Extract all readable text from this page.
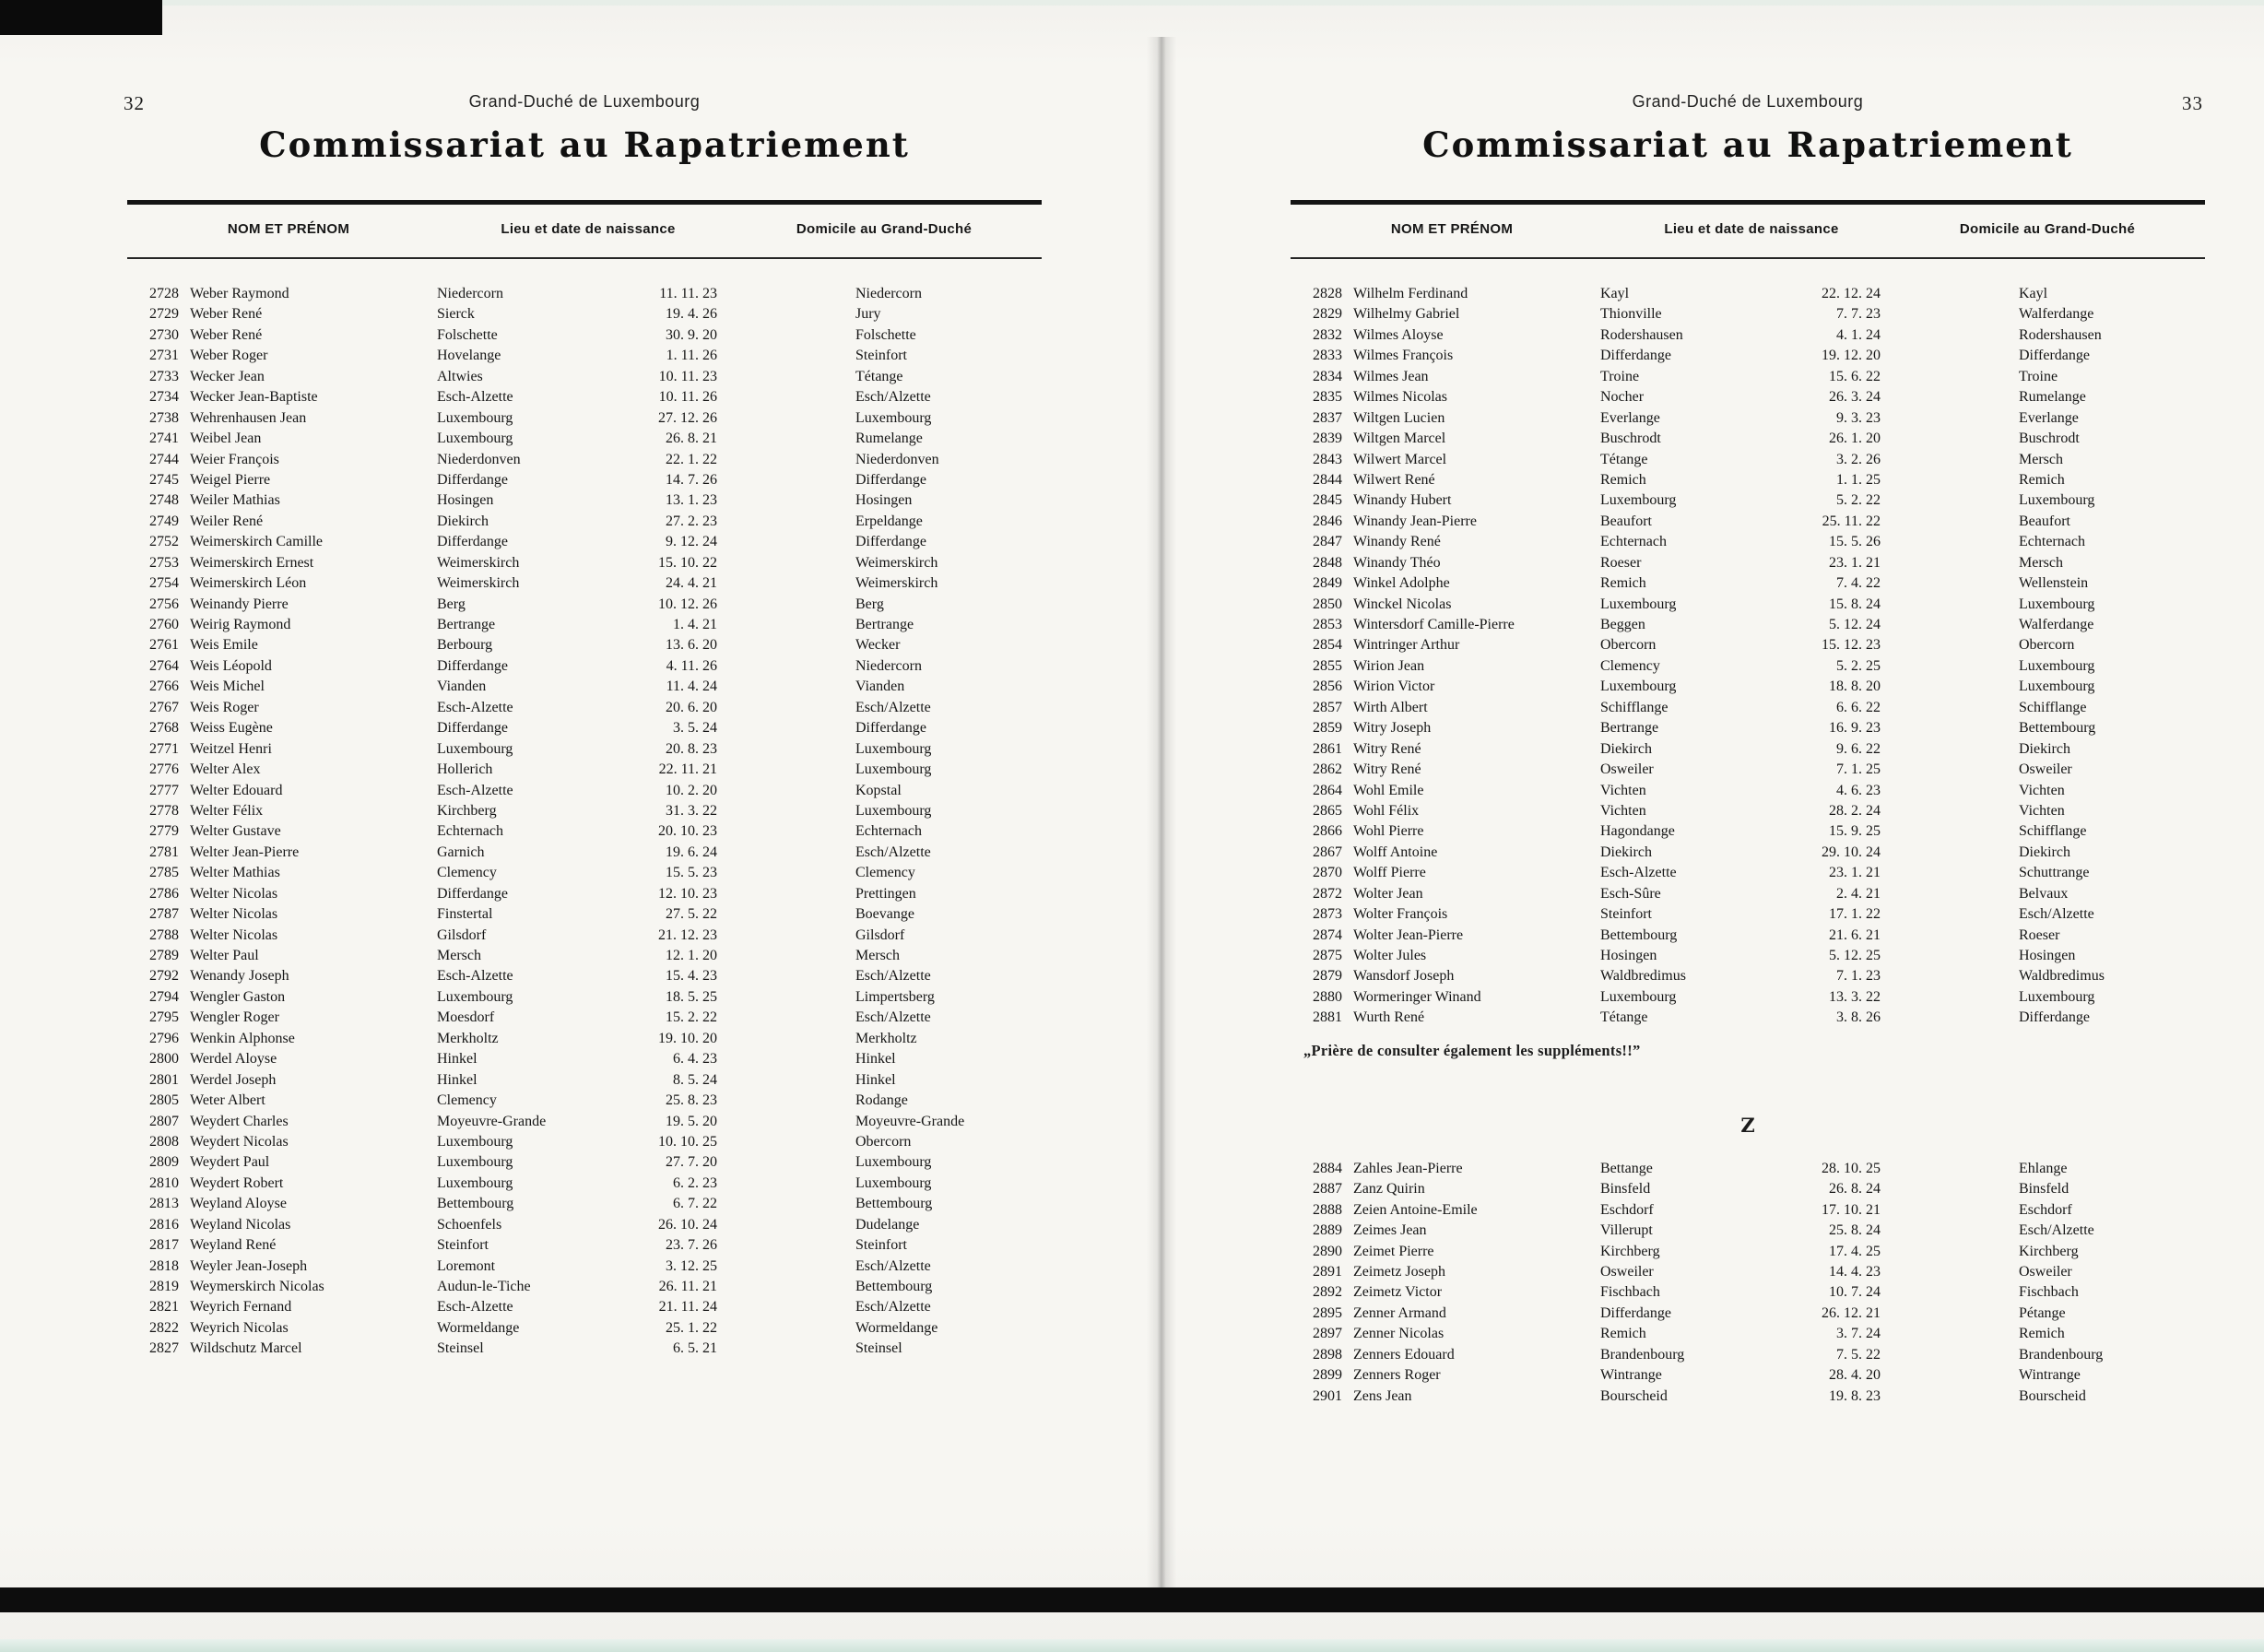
32	Grand-Duché de Luxembourg
Commissariat au Rapatriement
NOM ET PRÉNOM	Lieu et date de naissance	Domicile au Grand-Duché
2728 Weber Raymond	Niedercorn	11. 11. 23	Niedercorn
2729 Weber René	Sierck	19. 4. 26	Jury
2730 Weber René	Folschette	30. 9. 20	Folschette
2731 Weber Roger	Hovelange	1. 11. 26	Steinfort
2733 Wecker Jean	Altwies	10. 11. 23	Tétange
2734 Wecker Jean-Baptiste	Esch-Alzette	10. 11. 26	Esch/Alzette
2738 Wehrenhausen Jean	Luxembourg	27. 12. 26	Luxembourg
2741 Weibel Jean	Luxembourg	26. 8. 21	Rumelange
2744 Weier François	Niederdonven	22. 1. 22	Niederdonven
2745 Weigel Pierre	Differdange	14. 7. 26	Differdange
2748 Weiler Mathias	Hosingen	13. 1. 23	Hosingen
2749 Weiler René	Diekirch	27. 2. 23	Erpeldange
2752 Weimerskirch Camille	Differdange	9. 12. 24	Differdange
2753 Weimerskirch Ernest	Weimerskirch	15. 10. 22	Weimerskirch
2754 Weimerskirch Léon	Weimerskirch	24. 4. 21	Weimerskirch
2756 Weinandy Pierre	Berg	10. 12. 26	Berg
2760 Weirig Raymond	Bertrange	1. 4. 21	Bertrange
2761 Weis Emile	Berbourg	13. 6. 20	Wecker
2764 Weis Léopold	Differdange	4. 11. 26	Niedercorn
2766 Weis Michel	Vianden	11. 4. 24	Vianden
2767 Weis Roger	Esch-Alzette	20. 6. 20	Esch/Alzette
2768 Weiss Eugène	Differdange	3. 5. 24	Differdange
2771 Weitzel Henri	Luxembourg	20. 8. 23	Luxembourg
2776 Welter Alex	Hollerich	22. 11. 21	Luxembourg
2777 Welter Edouard	Esch-Alzette	10. 2. 20	Kopstal
2778 Welter Félix	Kirchberg	31. 3. 22	Luxembourg
2779 Welter Gustave	Echternach	20. 10. 23	Echternach
2781 Welter Jean-Pierre	Garnich	19. 6. 24	Esch/Alzette
2785 Welter Mathias	Clemency	15. 5. 23	Clemency
2786 Welter Nicolas	Differdange	12. 10. 23	Prettingen
2787 Welter Nicolas	Finstertal	27. 5. 22	Boevange
2788 Welter Nicolas	Gilsdorf	21. 12. 23	Gilsdorf
2789 Welter Paul	Mersch	12. 1. 20	Mersch
2792 Wenandy Joseph	Esch-Alzette	15. 4. 23	Esch/Alzette
2794 Wengler Gaston	Luxembourg	18. 5. 25	Limpertsberg
2795 Wengler Roger	Moesdorf	15. 2. 22	Esch/Alzette
2796 Wenkin Alphonse	Merkholtz	19. 10. 20	Merkholtz
2800 Werdel Aloyse	Hinkel	6. 4. 23	Hinkel
2801 Werdel Joseph	Hinkel	8. 5. 24	Hinkel
2805 Weter Albert	Clemency	25. 8. 23	Rodange
2807 Weydert Charles	Moyeuvre-Grande	19. 5. 20	Moyeuvre-Grande
2808 Weydert Nicolas	Luxembourg	10. 10. 25	Obercorn
2809 Weydert Paul	Luxembourg	27. 7. 20	Luxembourg
2810 Weydert Robert	Luxembourg	6. 2. 23	Luxembourg
2813 Weyland Aloyse	Bettembourg	6. 7. 22	Bettembourg
2816 Weyland Nicolas	Schoenfels	26. 10. 24	Dudelange
2817 Weyland René	Steinfort	23. 7. 26	Steinfort
2818 Weyler Jean-Joseph	Loremont	3. 12. 25	Esch/Alzette
2819 Weymerskirch Nicolas	Audun-le-Tiche	26. 11. 21	Bettembourg
2821 Weyrich Fernand	Esch-Alzette	21. 11. 24	Esch/Alzette
2822 Weyrich Nicolas	Wormeldange	25. 1. 22	Wormeldange
2827 Wildschutz Marcel	Steinsel	6. 5. 21	Steinsel
33
Grand-Duché de Luxembourg
Commissariat au Rapatriement
NOM ET PRÉNOM	Lieu et date de naissance	Domicile au Grand-Duché
2828 Wilhelm Ferdinand	Kayl	22. 12. 24	Kayl
2829 Wilhelmy Gabriel	Thionville	7. 7. 23	Walferdange
2832 Wilmes Aloyse	Rodershausen	4. 1. 24	Rodershausen
2833 Wilmes François	Differdange	19. 12. 20	Differdange
2834 Wilmes Jean	Troine	15. 6. 22	Troine
2835 Wilmes Nicolas	Nocher	26. 3. 24	Rumelange
2837 Wiltgen Lucien	Everlange	9. 3. 23	Everlange
2839 Wiltgen Marcel	Buschrodt	26. 1. 20	Buschrodt
2843 Wilwert Marcel	Tétange	3. 2. 26	Mersch
2844 Wilwert René	Remich	1. 1. 25	Remich
2845 Winandy Hubert	Luxembourg	5. 2. 22	Luxembourg
2846 Winandy Jean-Pierre	Beaufort	25. 11. 22	Beaufort
2847 Winandy René	Echternach	15. 5. 26	Echternach
2848 Winandy Théo	Roeser	23. 1. 21	Mersch
2849 Winkel Adolphe	Remich	7. 4. 22	Wellenstein
2850 Winckel Nicolas	Luxembourg	15. 8. 24	Luxembourg
2853 Wintersdorf Camille-Pierre	Beggen	5. 12. 24	Walferdange
2854 Wintringer Arthur	Obercorn	15. 12. 23	Obercorn
2855 Wirion Jean	Clemency	5. 2. 25	Luxembourg
2856 Wirion Victor	Luxembourg	18. 8. 20	Luxembourg
2857 Wirth Albert	Schifflange	6. 6. 22	Schifflange
2859 Witry Joseph	Bertrange	16. 9. 23	Bettembourg
2861 Witry René	Diekirch	9. 6. 22	Diekirch
2862 Witry René	Osweiler	7. 1. 25	Osweiler
2864 Wohl Emile	Vichten	4. 6. 23	Vichten
2865 Wohl Félix	Vichten	28. 2. 24	Vichten
2866 Wohl Pierre	Hagondange	15. 9. 25	Schifflange
2867 Wolff Antoine	Diekirch	29. 10. 24	Diekirch
2870 Wolff Pierre	Esch-Alzette	23. 1. 21	Schuttrange
2872 Wolter Jean	Esch-Sûre	2. 4. 21	Belvaux
2873 Wolter François	Steinfort	17. 1. 22	Esch/Alzette
2874 Wolter Jean-Pierre	Bettembourg	21. 6. 21	Roeser
2875 Wolter Jules	Hosingen	5. 12. 25	Hosingen
2879 Wansdorf Joseph	Waldbredimus	7. 1. 23	Waldbredimus
2880 Wormeringer Winand	Luxembourg	13. 3. 22	Luxembourg
2881 Wurth René	Tétange	3. 8. 26	Differdange
„Prière de consulter également les suppléments!!”
Z
2884 Zahles Jean-Pierre	Bettange	28. 10. 25	Ehlange
2887 Zanz Quirin	Binsfeld	26. 8. 24	Binsfeld
2888 Zeien Antoine-Emile	Eschdorf	17. 10. 21	Eschdorf
2889 Zeimes Jean	Villerupt	25. 8. 24	Esch/Alzette
2890 Zeimet Pierre	Kirchberg	17. 4. 25	Kirchberg
2891 Zeimetz Joseph	Osweiler	14. 4. 23	Osweiler
2892 Zeimetz Victor	Fischbach	10. 7. 24	Fischbach
2895 Zenner Armand	Differdange	26. 12. 21	Pétange
2897 Zenner Nicolas	Remich	3. 7. 24	Remich
2898 Zenners Edouard	Brandenbourg	7. 5. 22	Brandenbourg
2899 Zenners Roger	Wintrange	28. 4. 20	Wintrange
2901 Zens Jean	Bourscheid	19. 8. 23	Bourscheid
